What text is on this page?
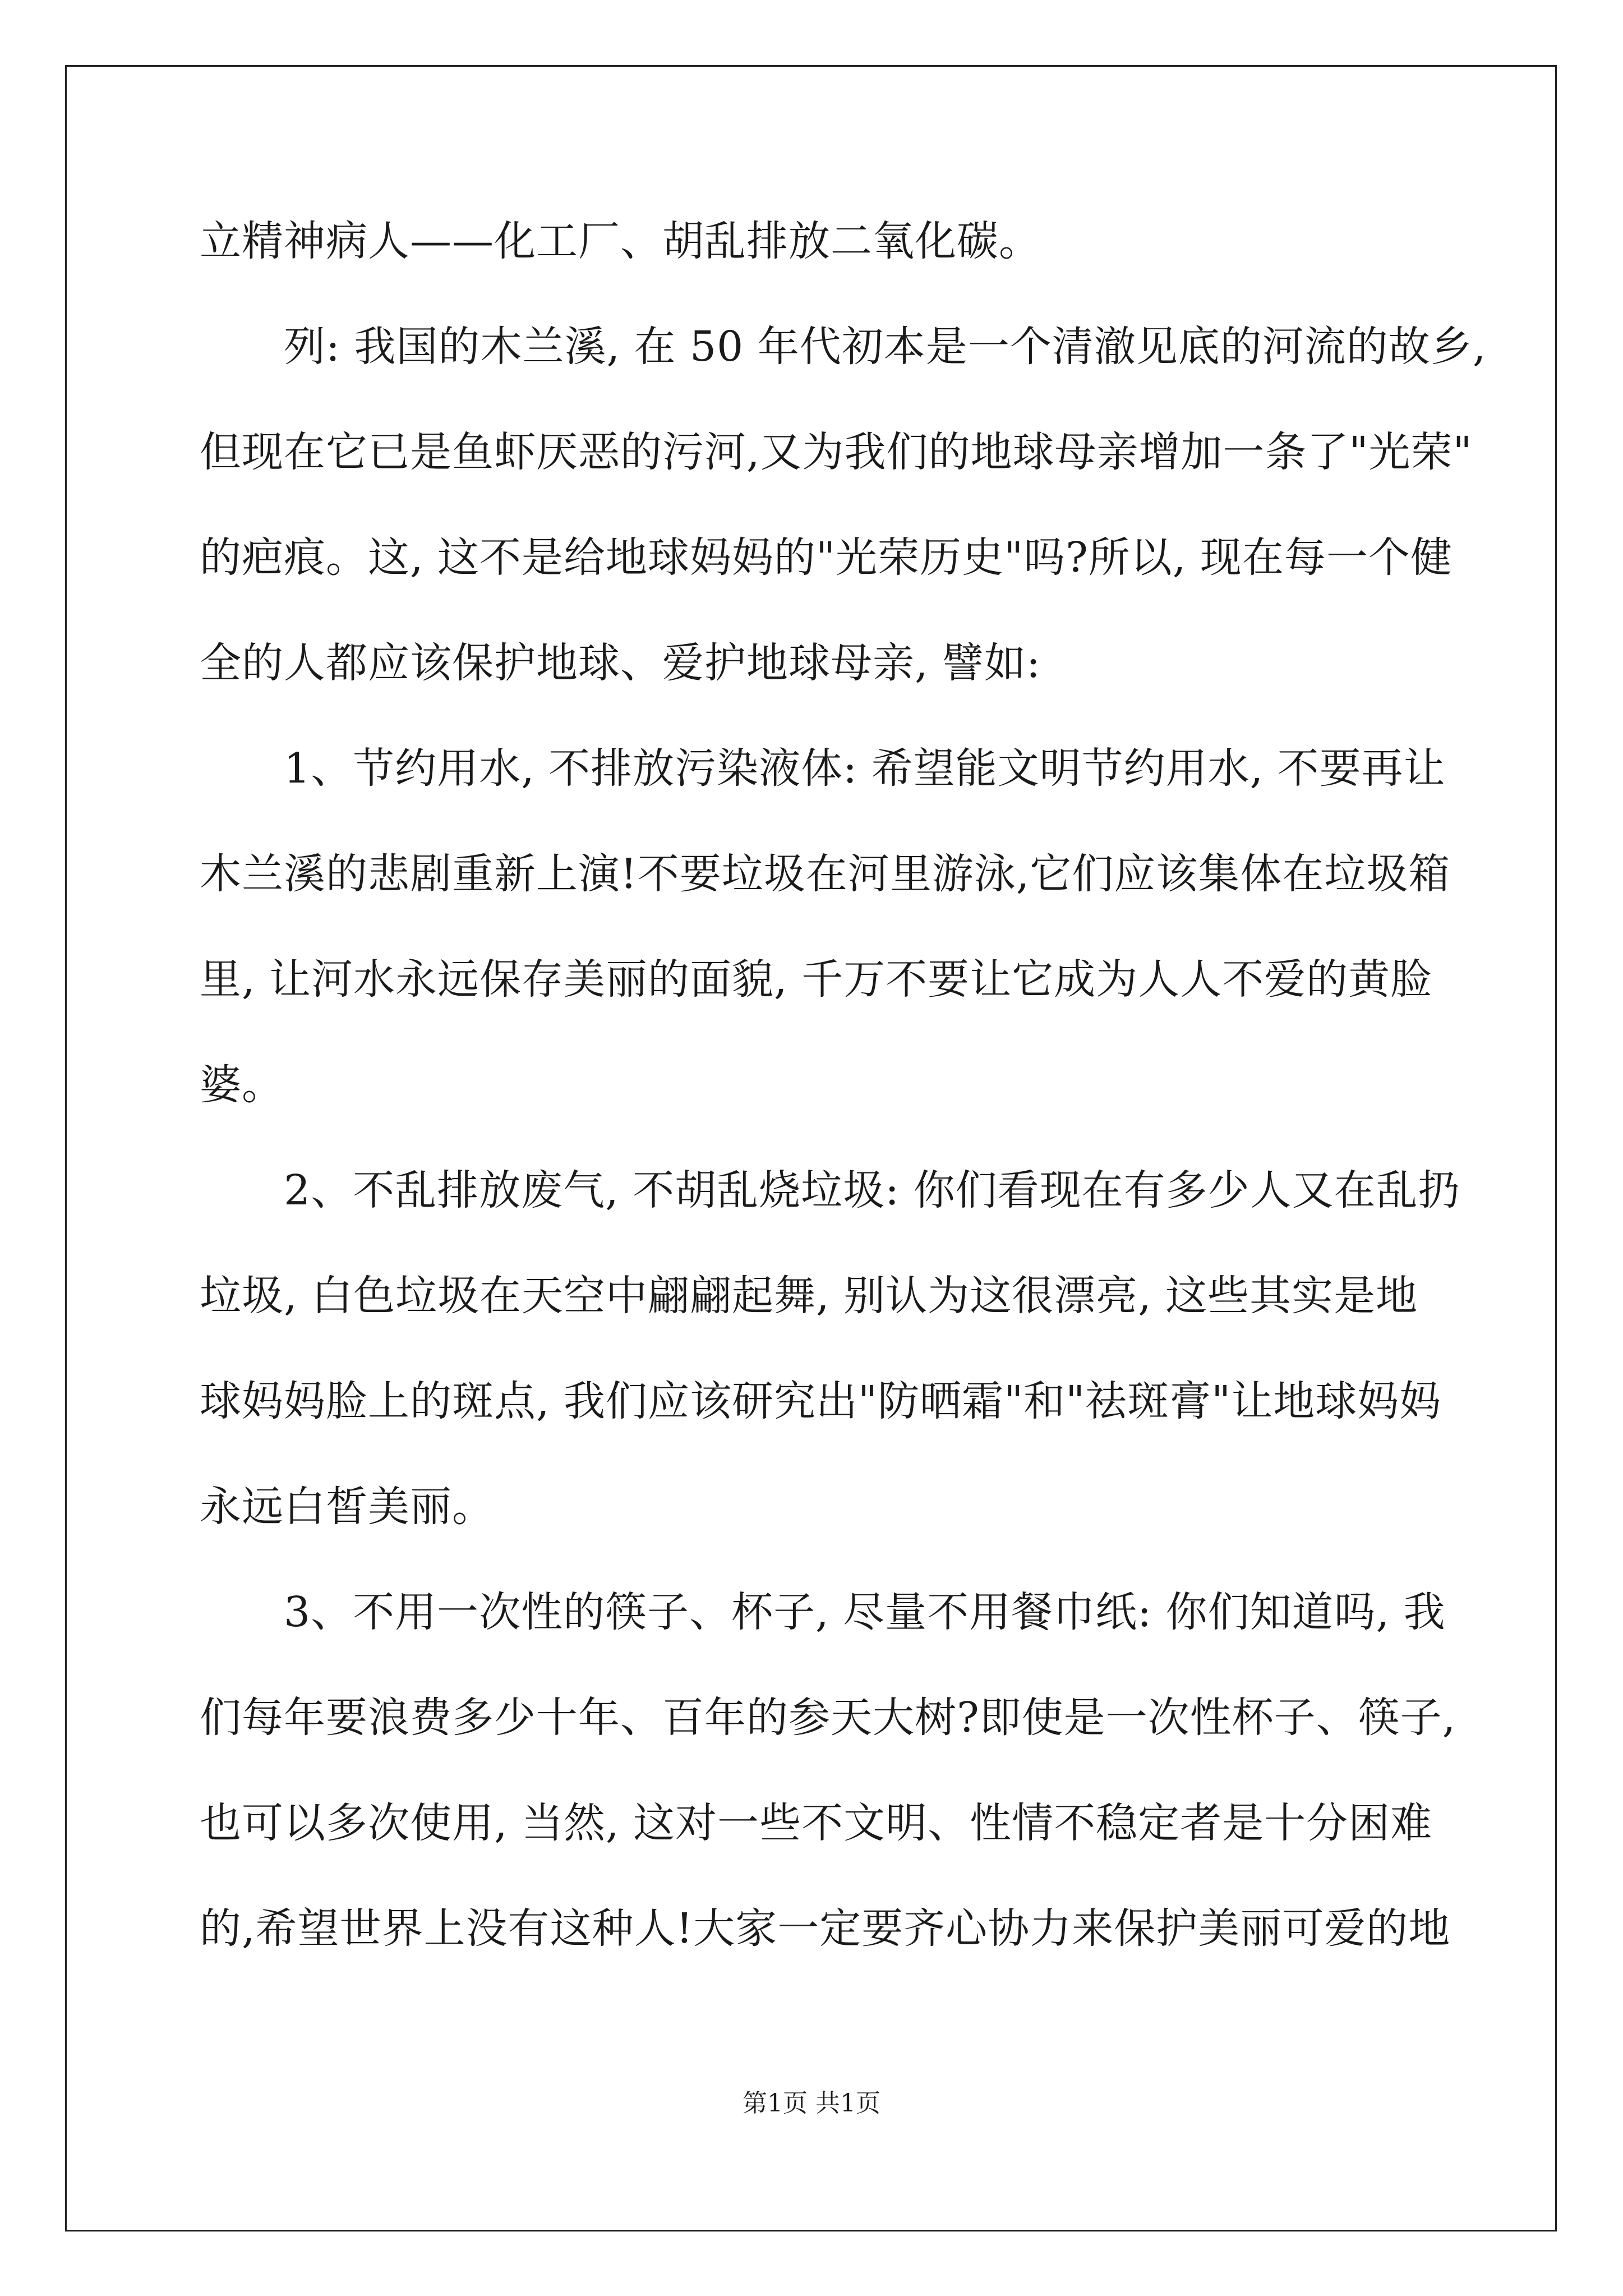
立精神病人——化工厂、胡乱排放二氧化碳。
列: 我国的木兰溪, 在 50 年代初本是一个清澈见底的河流的故乡,
但现在它已是鱼虾厌恶的污河,又为我们的地球母亲增加一条了"光荣"
的疤痕。这, 这不是给地球妈妈的"光荣历史"吗?所以, 现在每一个健
全的人都应该保护地球、爱护地球母亲, 譬如:
1、节约用水, 不排放污染液体: 希望能文明节约用水, 不要再让
木兰溪的悲剧重新上演!不要垃圾在河里游泳,它们应该集体在垃圾箱
里, 让河水永远保存美丽的面貌, 千万不要让它成为人人不爱的黄脸
婆。
2、不乱排放废气, 不胡乱烧垃圾: 你们看现在有多少人又在乱扔
垃圾, 白色垃圾在天空中翩翩起舞, 别认为这很漂亮, 这些其实是地
球妈妈脸上的斑点, 我们应该研究出"防晒霜"和"祛斑膏"让地球妈妈
永远白皙美丽。
3、不用一次性的筷子、杯子, 尽量不用餐巾纸: 你们知道吗, 我
们每年要浪费多少十年、百年的参天大树?即使是一次性杯子、筷子,
也可以多次使用, 当然, 这对一些不文明、性情不稳定者是十分困难
的,希望世界上没有这种人!大家一定要齐心协力来保护美丽可爱的地
第1页 共1页
